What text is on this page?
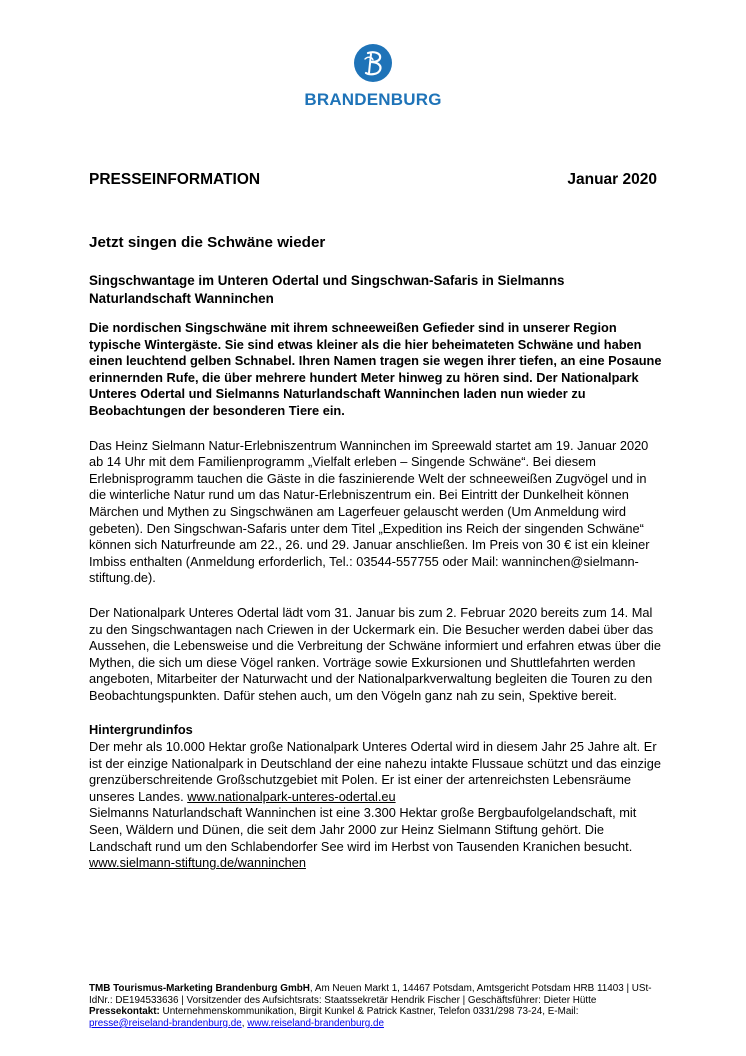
BRANDENBURG
PRESSEINFORMATION	Januar 2020
Jetzt singen die Schwäne wieder

Singschwantage im Unteren Odertal und Singschwan-Safaris in Sielmanns Naturlandschaft Wanninchen

Die nordischen Singschwäne mit ihrem schneeweißen Gefieder sind in unserer Region typische Wintergäste. Sie sind etwas kleiner als die hier beheimateten Schwäne und haben einen leuchtend gelben Schnabel. Ihren Namen tragen sie wegen ihrer tiefen, an eine Posaune erinnernden Rufe, die über mehrere hundert Meter hinweg zu hören sind. Der Nationalpark Unteres Odertal und Sielmanns Naturlandschaft Wanninchen laden nun wieder zu Beobachtungen der besonderen Tiere ein.

Das Heinz Sielmann Natur-Erlebniszentrum Wanninchen im Spreewald startet am 19. Januar 2020 ab 14 Uhr mit dem Familienprogramm „Vielfalt erleben – Singende Schwäne“. Bei diesem Erlebnisprogramm tauchen die Gäste in die faszinierende Welt der schneeweißen Zugvögel und in die winterliche Natur rund um das Natur-Erlebniszentrum ein. Bei Eintritt der Dunkelheit können Märchen und Mythen zu Singschwänen am Lagerfeuer gelauscht werden (Um Anmeldung wird gebeten). Den Singschwan-Safaris unter dem Titel „Expedition ins Reich der singenden Schwäne“ können sich Naturfreunde am 22., 26. und 29. Januar anschließen. Im Preis von 30 € ist ein kleiner Imbiss enthalten (Anmeldung erforderlich, Tel.: 03544-557755 oder Mail: wanninchen@sielmann-stiftung.de).

Der Nationalpark Unteres Odertal lädt vom 31. Januar bis zum 2. Februar 2020 bereits zum 14. Mal zu den Singschwantagen nach Criewen in der Uckermark ein. Die Besucher werden dabei über das Aussehen, die Lebensweise und die Verbreitung der Schwäne informiert und erfahren etwas über die Mythen, die sich um diese Vögel ranken. Vorträge sowie Exkursionen und Shuttlefahrten werden angeboten, Mitarbeiter der Naturwacht und der Nationalparkverwaltung begleiten die Touren zu den Beobachtungspunkten. Dafür stehen auch, um den Vögeln ganz nah zu sein, Spektive bereit.

Hintergrundinfos

Der mehr als 10.000 Hektar große Nationalpark Unteres Odertal wird in diesem Jahr 25 Jahre alt. Er ist der einzige Nationalpark in Deutschland der eine nahezu intakte Flussaue schützt und das einzige grenzüberschreitende Großschutzgebiet mit Polen. Er ist einer der artenreichsten Lebensräume unseres Landes. www.nationalpark-unteres-odertal.eu

Sielmanns Naturlandschaft Wanninchen ist eine 3.300 Hektar große Bergbaufolgelandschaft, mit Seen, Wäldern und Dünen, die seit dem Jahr 2000 zur Heinz Sielmann Stiftung gehört. Die Landschaft rund um den Schlabendorfer See wird im Herbst von Tausenden Kranichen besucht. www.sielmann-stiftung.de/wanninchen

TMB Tourismus-Marketing Brandenburg GmbH, Am Neuen Markt 1, 14467 Potsdam, Amtsgericht Potsdam HRB 11403 | USt-IdNr.: DE194533636 | Vorsitzender des Aufsichtsrats: Staatssekretär Hendrik Fischer | Geschäftsführer: Dieter Hütte Pressekontakt: Unternehmenskommunikation, Birgit Kunkel & Patrick Kastner, Telefon 0331/298 73-24, E-Mail: presse@reiseland-brandenburg.de, www.reiseland-brandenburg.de
